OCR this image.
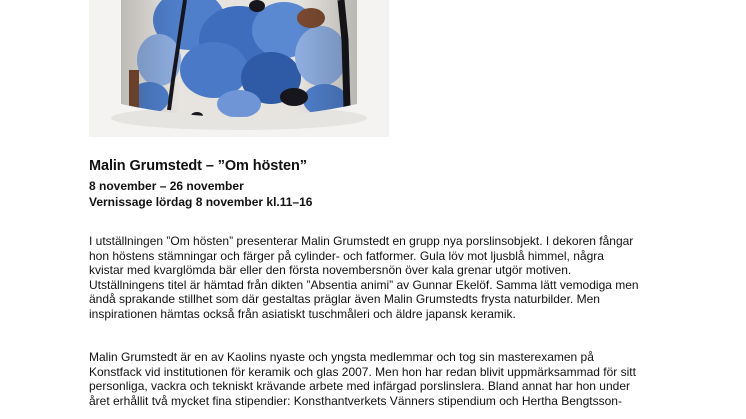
Malin Grumstedt – ”Om hösten”

8 november – 26 november

Vernissage lördag 8 november kl.11–16

I utställningen ”Om hösten” presenterar Malin Grumstedt en grupp nya porslinsobjekt. I dekoren fångar
hon höstens stämningar och färger på cylinder- och fatformer. Gula löv mot ljusblå himmel, några
kvistar med kvarglömda bär eller den första novembersnön över kala grenar utgör motiven.
Utställningens titel är hämtad från dikten ”Absentia animi” av Gunnar Ekelöf. Samma lätt vemodiga men
ändå sprakande stillhet som där gestaltas präglar även Malin Grumstedts frysta naturbilder. Men
inspirationen hämtas också från asiatiskt tuschmåleri och äldre japansk keramik.
Malin Grumstedt är en av Kaolins nyaste och yngsta medlemmar och tog sin masterexamen på
Konstfack vid institutionen för keramik och glas 2007. Men hon har redan blivit uppmärksammad för sitt
personliga, vackra och tekniskt krävande arbete med infärgad porslinslera. Bland annat har hon under
året erhållit två mycket fina stipendier: Konsthantverkets Vänners stipendium och Hertha Bengtsson-
